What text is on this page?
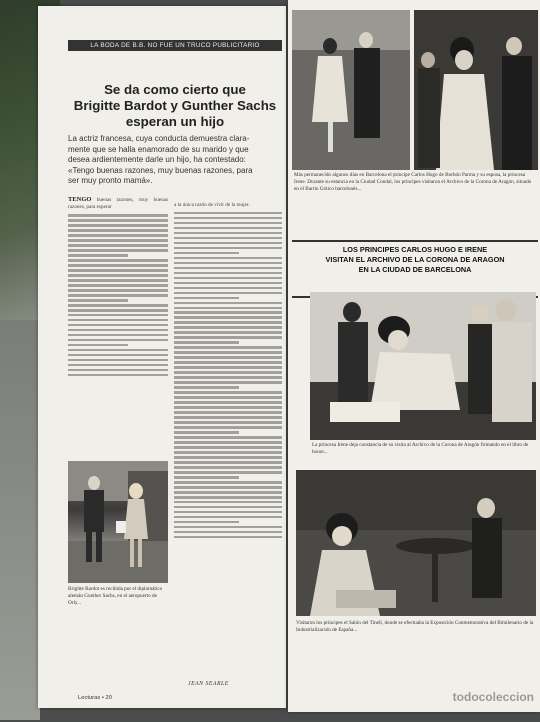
LA BODA DE B.B. NO FUE UN TRUCO PUBLICITARIO
Se da como cierto que
Brigitte Bardot y Gunther Sachs
esperan un hijo
La actriz francesa, cuya conducta demuestra clara-
mente que se halla enamorado de su marido y que
desea ardientemente darle un hijo, ha contestado:
«Tengo buenas razones, muy buenas razones, para
ser muy pronto mamá».
TENGO buenas razones, muy buenas razones, para esperar	a la única razón de vivir de la mujer.
Brigitte Bardot es recibida por el diplomático alemán Gunther Sachs, en el aeropuerto de Orly...
JEAN SEARLE
Lecturas • 20
Más permanecido algunos días en Barcelona el príncipe Carlos Hugo de Borbón Parma y su esposa, la princesa Irene. Durante su estancia en la Ciudad Condal, los príncipes visitaron el Archivo de la Corona de Aragón, situado en el Barrio Gótico barcelonés...
LOS PRINCIPES CARLOS HUGO E IRENE
VISITAN EL ARCHIVO DE LA CORONA DE ARAGON
EN LA CIUDAD DE BARCELONA
La princesa Irene deja constancia de su visita al Archivo de la Corona de Aragón firmando en el libro de honor...
Visitaron los príncipes el Salón del Tinell, donde se efectuaba la Exposición Conmemorativa del Bimilenario de la Industrialización de España...
todocoleccion
